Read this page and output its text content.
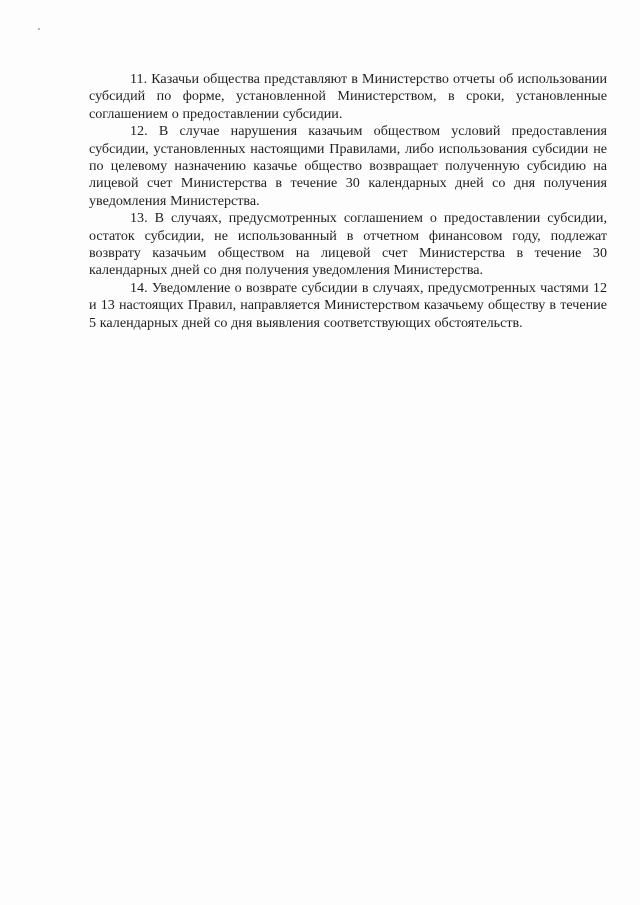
11. Казачьи общества представляют в Министерство отчеты об использовании субсидий по форме, установленной Министерством, в сроки, установленные соглашением о предоставлении субсидии.

12. В случае нарушения казачьим обществом условий предоставления субсидии, установленных настоящими Правилами, либо использования субсидии не по целевому назначению казачье общество возвращает полученную субсидию на лицевой счет Министерства в течение 30 календарных дней со дня получения уведомления Министерства.

13. В случаях, предусмотренных соглашением о предоставлении субсидии, остаток субсидии, не использованный в отчетном финансовом году, подлежат возврату казачьим обществом на лицевой счет Министерства в течение 30 календарных дней со дня получения уведомления Министерства.

14. Уведомление о возврате субсидии в случаях, предусмотренных частями 12 и 13 настоящих Правил, направляется Министерством казачьему обществу в течение 5 календарных дней со дня выявления соответствующих обстоятельств.
